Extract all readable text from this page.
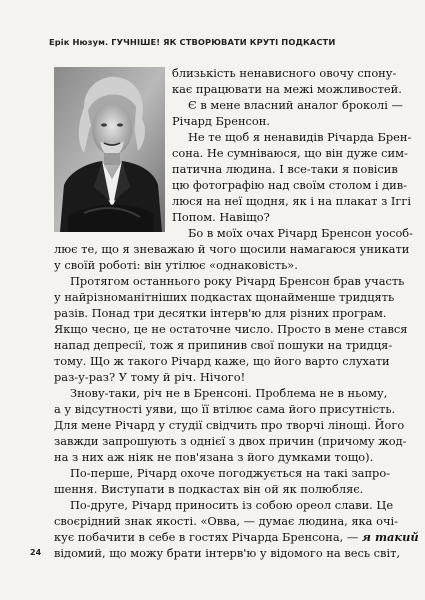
Ерік Нюзум. ГУЧНІШЕ! ЯК СТВОРЮВАТИ КРУТІ ПОДКАСТИ
близькість ненависного овочу спону-
кає працювати на межі можливостей.
Є в мене власний аналог броколі —
Річард Бренсон.
Не те щоб я ненавидів Річарда Брен-
сона. Не сумніваюся, що він дуже сим-
патична людина. І все-таки я повісив
цю фотографію над своїм столом і див-
люся на неї щодня, як і на плакат з Іггі
Попом. Навіщо?
Бо в моїх очах Річард Бренсон уособ-
лює те, що я зневажаю й чого щосили намагаюся уникати
у своїй роботі: він утілює «однаковість».
Протягом останнього року Річард Бренсон брав участь
у найрізноманітніших подкастах щонайменше тридцять
разів. Понад три десятки інтерв'ю для різних програм.
Якщо чесно, це не остаточне число. Просто в мене стався
напад депресії, тож я припинив свої пошуки на тридця-
тому. Що ж такого Річард каже, що його варто слухати
раз-у-раз? У тому й річ. Нічого!
Знову-таки, річ не в Бренсоні. Проблема не в ньому,
а у відсутності уяви, що її втілює сама його присутність.
Для мене Річард у студії свідчить про творчі лінощі. Його
завжди запрошують з однієї з двох причин (причому жод-
на з них аж ніяк не пов'язана з його думками тощо).
По-перше, Річард охоче погоджується на такі запро-
шення. Виступати в подкастах він ой як полюбляє.
По-друге, Річард приносить із собою ореол слави. Це
своєрідний знак якості. «Овва, — думає людина, яка очі-
кує побачити в себе в гостях Річарда Бренсона, — я такий
відомий, що можу брати інтерв'ю у відомого на весь світ,
24
